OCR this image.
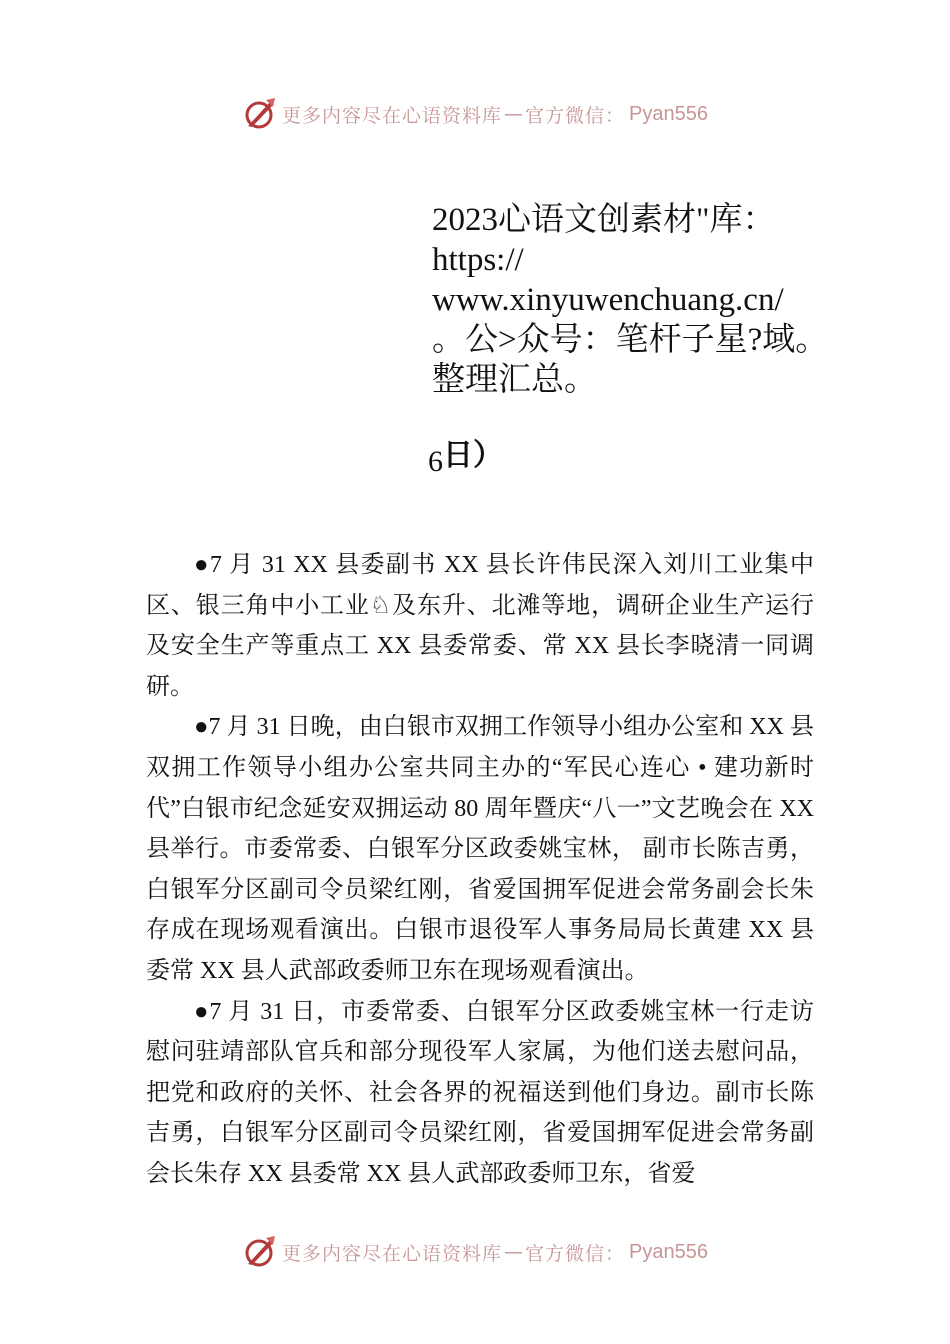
更多内容尽在心语资料库 — 官方微信： Pyan556
2023心语文创素材"库：
https://
www.xinyuwenchuang.cn/
。公>众号：笔杆子星?域。
整理汇总。
6日）

●7 月 31 XX 县委副书 XX 县长许伟民深入刘川工业集中区、银三角中小工业♘及东升、北滩等地，调研企业生产运行及安全生产等重点工 XX 县委常委、常 XX 县长李晓清一同调研。

●7 月 31 日晚，由白银市双拥工作领导小组办公室和 XX 县双拥工作领导小组办公室共同主办的“军民心连心 • 建功新时代”白银市纪念延安双拥运动 80 周年暨庆“八一”文艺晚会在 XX 县举行。市委常委、白银军分区政委姚宝林， 副市长陈吉勇，白银军分区副司令员梁红刚，省爱国拥军促进会常务副会长朱存成在现场观看演出。白银市退役军人事务局局长黄建 XX 县委常 XX 县人武部政委师卫东在现场观看演出。

●7 月 31 日，市委常委、白银军分区政委姚宝林一行走访慰问驻靖部队官兵和部分现役军人家属，为他们送去慰问品，把党和政府的关怀、社会各界的祝福送到他们身边。副市长陈吉勇，白银军分区副司令员梁红刚，省爱国拥军促进会常务副会长朱存 XX 县委常 XX 县人武部政委师卫东，省爱

更多内容尽在心语资料库 — 官方微信： Pyan556
